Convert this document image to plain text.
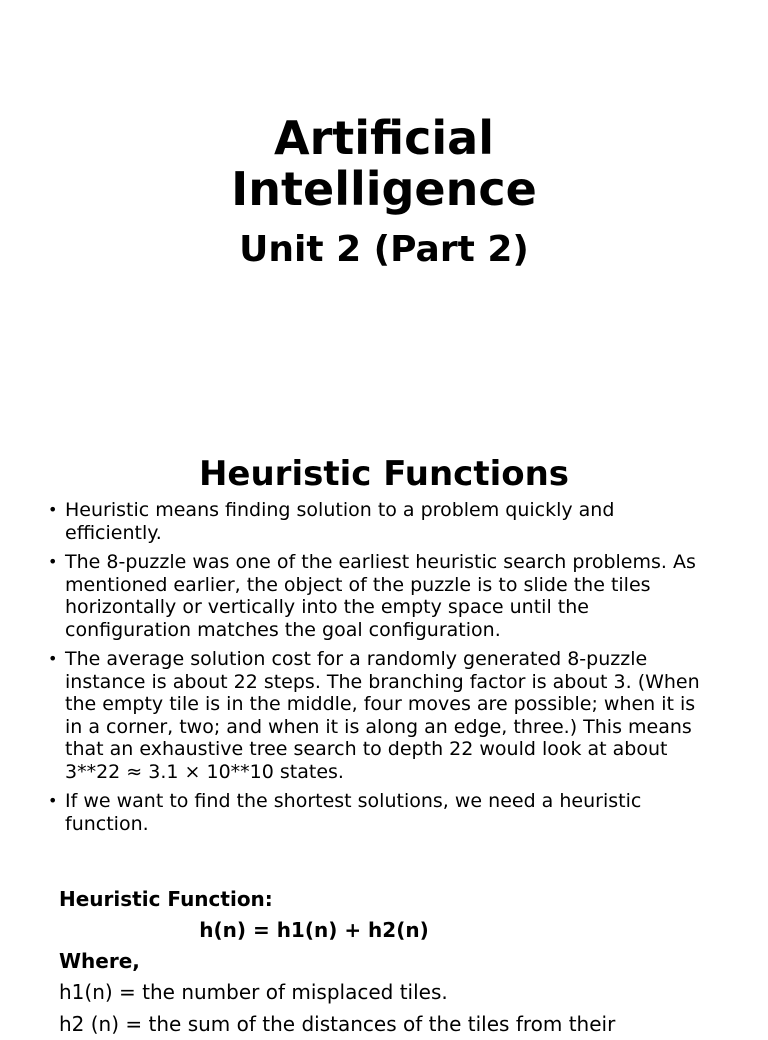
Artificial
Intelligence
Unit 2 (Part 2)
Heuristic Functions
• Heuristic means finding solution to a problem quickly and efficiently.
• The 8-puzzle was one of the earliest heuristic search problems. As mentioned earlier, the object of the puzzle is to slide the tiles horizontally or vertically into the empty space until the configuration matches the goal configuration.
• The average solution cost for a randomly generated 8-puzzle instance is about 22 steps. The branching factor is about 3. (When the empty tile is in the middle, four moves are possible; when it is in a corner, two; and when it is along an edge, three.) This means that an exhaustive tree search to depth 22 would look at about 3**22 ≈ 3.1 × 10**10 states.
• If we want to find the shortest solutions, we need a heuristic function.
Heuristic Function:
h(n) = h1(n) + h2(n)
Where,
h1(n) = the number of misplaced tiles.
h2 (n) = the sum of the distances of the tiles from their
